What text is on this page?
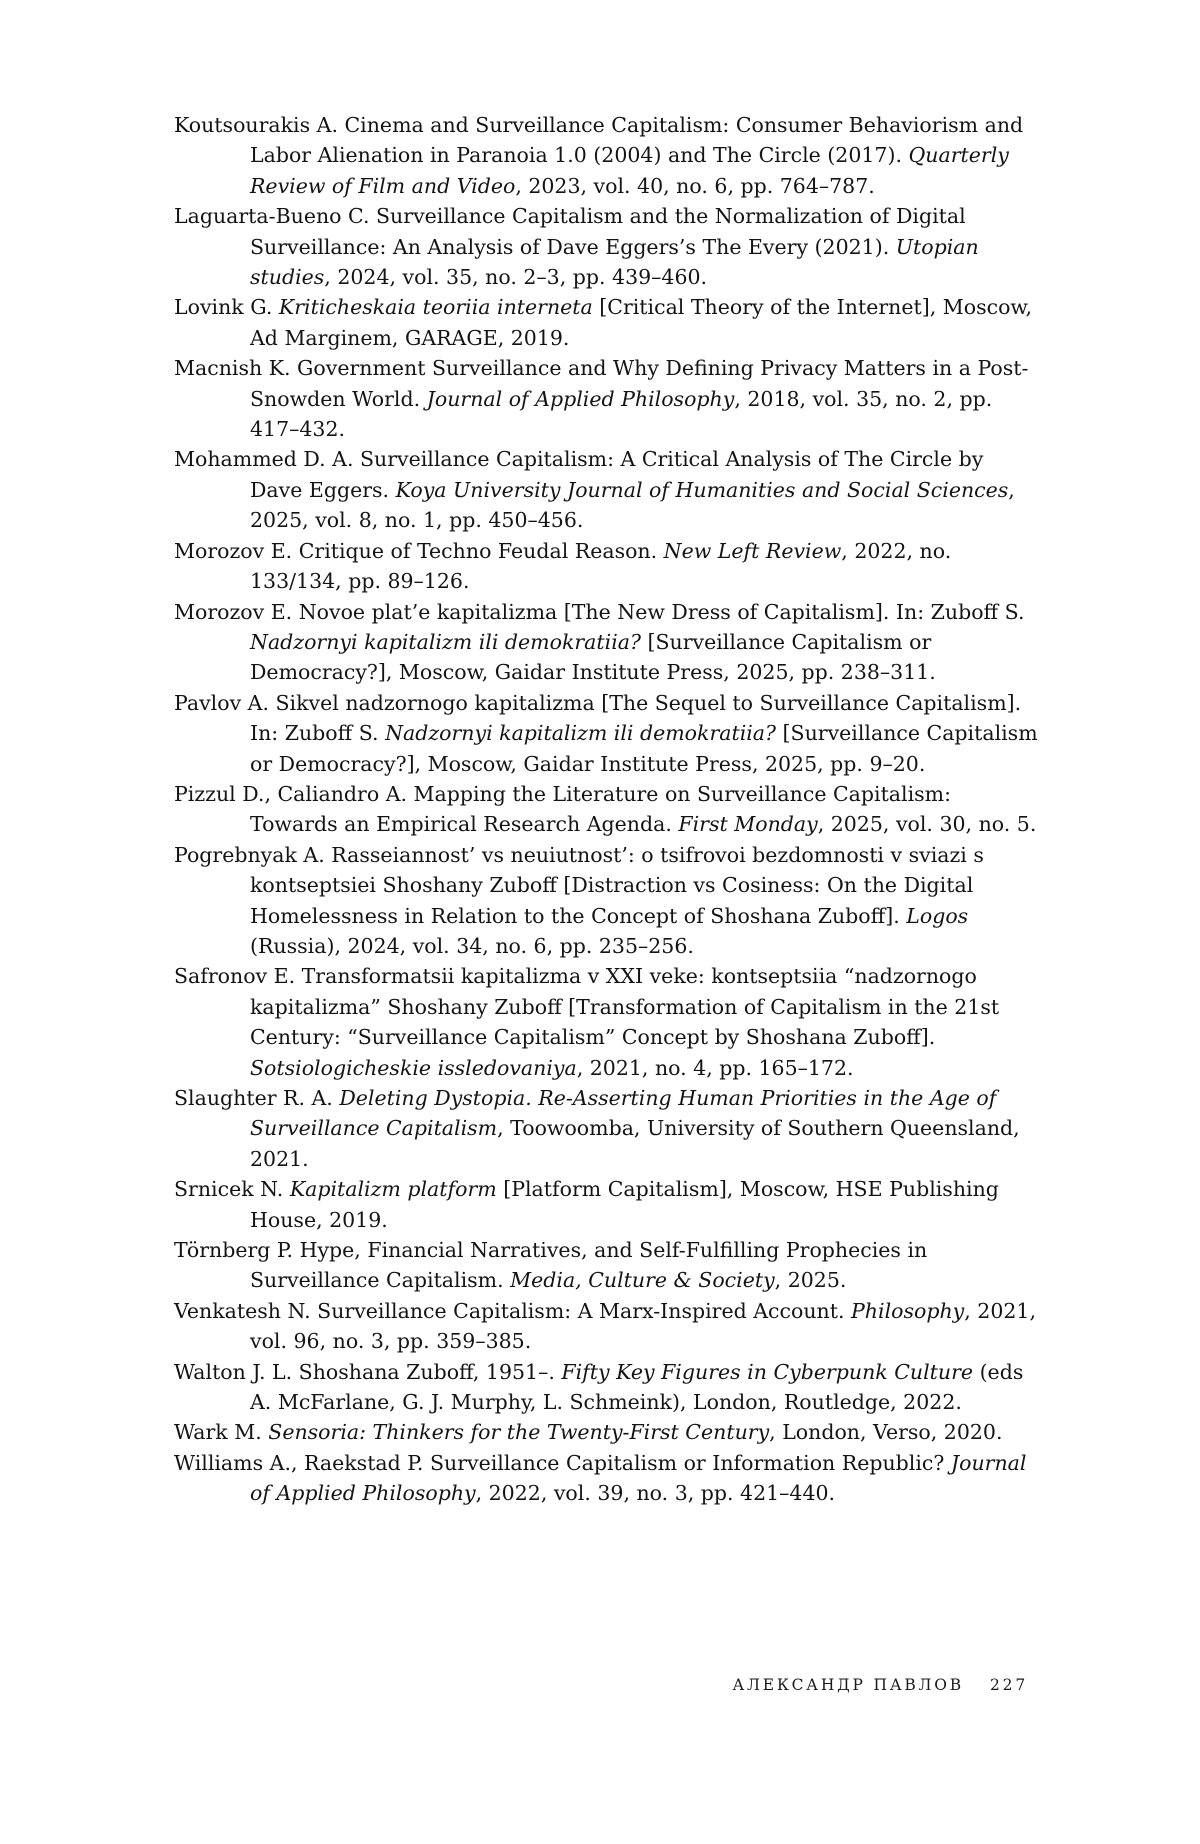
Koutsourakis A. Cinema and Surveillance Capitalism: Consumer Behaviorism and Labor Alienation in Paranoia 1.0 (2004) and The Circle (2017). Quarterly Review of Film and Video, 2023, vol. 40, no. 6, pp. 764–787.

Laguarta-Bueno C. Surveillance Capitalism and the Normalization of Digital Surveillance: An Analysis of Dave Eggers’s The Every (2021). Utopian studies, 2024, vol. 35, no. 2–3, pp. 439–460.

Lovink G. Kriticheskaia teoriia interneta [Critical Theory of the Internet], Moscow, Ad Marginem, GARAGE, 2019.

Macnish K. Government Surveillance and Why Defining Privacy Matters in a Post-Snowden World. Journal of Applied Philosophy, 2018, vol. 35, no. 2, pp. 417–432.

Mohammed D. A. Surveillance Capitalism: A Critical Analysis of The Circle by Dave Eggers. Koya University Journal of Humanities and Social Sciences, 2025, vol. 8, no. 1, pp. 450–456.

Morozov E. Critique of Techno Feudal Reason. New Left Review, 2022, no. 133/134, pp. 89–126.

Morozov E. Novoe plat’e kapitalizma [The New Dress of Capitalism]. In: Zuboff S. Nadzornyi kapitalizm ili demokratiia? [Surveillance Capitalism or Democracy?], Moscow, Gaidar Institute Press, 2025, pp. 238–311.

Pavlov A. Sikvel nadzornogo kapitalizma [The Sequel to Surveillance Capitalism]. In: Zuboff S. Nadzornyi kapitalizm ili demokratiia? [Surveillance Capitalism or Democracy?], Moscow, Gaidar Institute Press, 2025, pp. 9–20.

Pizzul D., Caliandro A. Mapping the Literature on Surveillance Capitalism: Towards an Empirical Research Agenda. First Monday, 2025, vol. 30, no. 5.

Pogrebnyak A. Rasseiannost’ vs neuiutnost’: o tsifrovoi bezdomnosti v sviazi s kontseptsiei Shoshany Zuboff [Distraction vs Cosiness: On the Digital Homelessness in Relation to the Concept of Shoshana Zuboff]. Logos (Russia), 2024, vol. 34, no. 6, pp. 235–256.

Safronov E. Transformatsii kapitalizma v XXI veke: kontseptsiia “nadzornogo kapitalizma” Shoshany Zuboff [Transformation of Capitalism in the 21st Century: “Surveillance Capitalism” Concept by Shoshana Zuboff]. Sotsiologicheskie issledovaniya, 2021, no. 4, pp. 165–172.

Slaughter R. A. Deleting Dystopia. Re-Asserting Human Priorities in the Age of Surveillance Capitalism, Toowoomba, University of Southern Queensland, 2021.

Srnicek N. Kapitalizm platform [Platform Capitalism], Moscow, HSE Publishing House, 2019.

Törnberg P. Hype, Financial Narratives, and Self-Fulfilling Prophecies in Surveillance Capitalism. Media, Culture & Society, 2025.

Venkatesh N. Surveillance Capitalism: A Marx-Inspired Account. Philosophy, 2021, vol. 96, no. 3, pp. 359–385.

Walton J. L. Shoshana Zuboff, 1951–. Fifty Key Figures in Cyberpunk Culture (eds A. McFarlane, G. J. Murphy, L. Schmeink), London, Routledge, 2022.

Wark M. Sensoria: Thinkers for the Twenty-First Century, London, Verso, 2020.

Williams A., Raekstad P. Surveillance Capitalism or Information Republic? Journal of Applied Philosophy, 2022, vol. 39, no. 3, pp. 421–440.

АЛЕКСАНДР ПАВЛОВ 227
